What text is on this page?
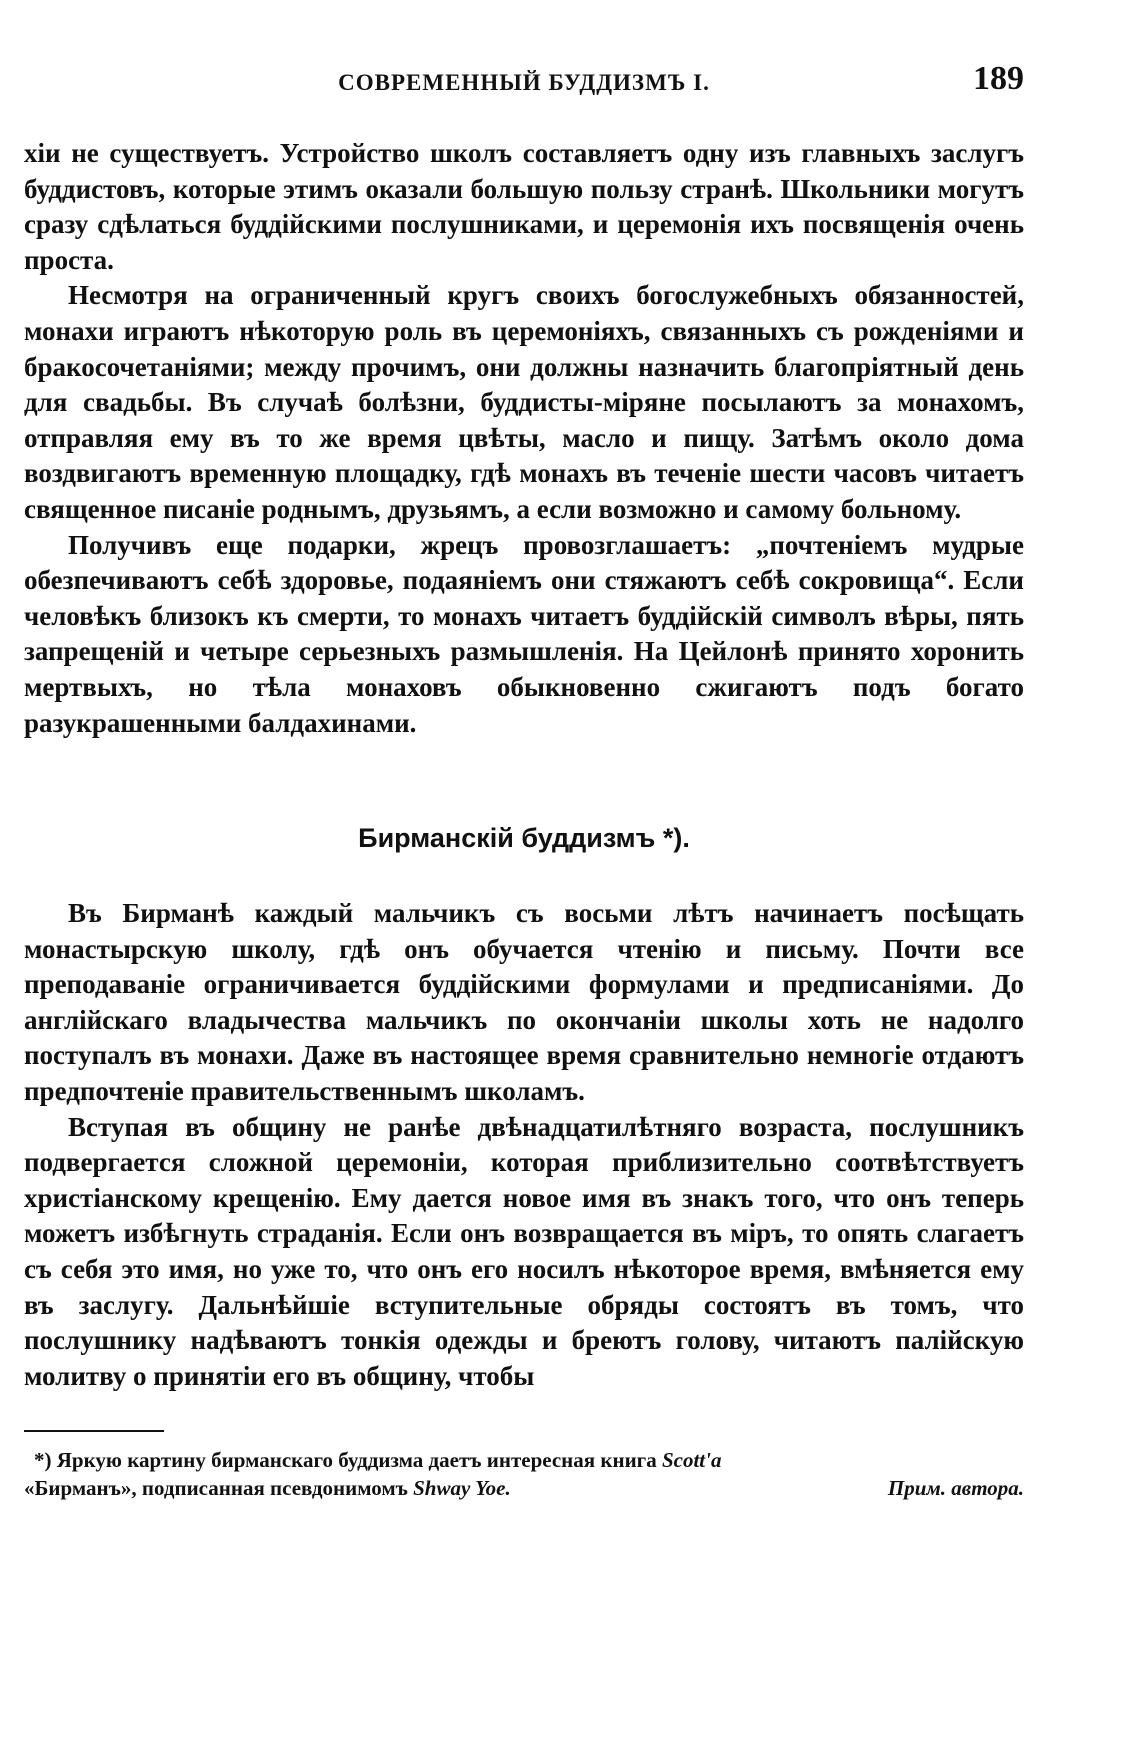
СОВРЕМЕННЫЙ БУДДИЗМЪ І.	189

хіи не существуетъ. Устройство школъ составляетъ одну изъ главныхъ заслугъ буддистовъ, которые этимъ оказали большую пользу странѣ. Школьники могутъ сразу сдѣлаться буддійскими послушниками, и церемонія ихъ посвященія очень проста.

Несмотря на ограниченный кругъ своихъ богослужебныхъ обязанностей, монахи играютъ нѣкоторую роль въ церемоніяхъ, связанныхъ съ рожденіями и бракосочетаніями; между прочимъ, они должны назначить благопріятный день для свадьбы. Въ случаѣ болѣзни, буддисты-міряне посылаютъ за монахомъ, отправляя ему въ то же время цвѣты, масло и пищу. Затѣмъ около дома воздвигаютъ временную площадку, гдѣ монахъ въ теченіе шести часовъ читаетъ священное писаніе роднымъ, друзьямъ, а если возможно и самому больному.

Получивъ еще подарки, жрецъ провозглашаетъ: „почтеніемъ мудрые обезпечиваютъ себѣ здоровье, подаяніемъ они стяжаютъ себѣ сокровища“. Если человѣкъ близокъ къ смерти, то монахъ читаетъ буддійскій символъ вѣры, пять запрещеній и четыре серьезныхъ размышленія. На Цейлонѣ принято хоронить мертвыхъ, но тѣла монаховъ обыкновенно сжигаютъ подъ богато разукрашенными балдахинами.

Бирманскій буддизмъ *).

Въ Бирманѣ каждый мальчикъ съ восьми лѣтъ начинаетъ посѣщать монастырскую школу, гдѣ онъ обучается чтенію и письму. Почти все преподаваніе ограничивается буддійскими формулами и предписаніями. До англійскаго владычества мальчикъ по окончаніи школы хоть не надолго поступалъ въ монахи. Даже въ настоящее время сравнительно немногіе отдаютъ предпочтеніе правительственнымъ школамъ.

Вступая въ общину не ранѣе двѣнадцатилѣтняго возраста, послушникъ подвергается сложной церемоніи, которая приблизительно соотвѣтствуетъ христіанскому крещенію. Ему дается новое имя въ знакъ того, что онъ теперь можетъ избѣгнуть страданія. Если онъ возвращается въ міръ, то опять слагаетъ съ себя это имя, но уже то, что онъ его носилъ нѣкоторое время, вмѣняется ему въ заслугу. Дальнѣйшіе вступительные обряды состоятъ въ томъ, что послушнику надѣваютъ тонкія одежды и бреютъ голову, читаютъ палійскую молитву о принятіи его въ общину, чтобы

*) Яркую картину бирманскаго буддизма даетъ интересная книга Scott'а
«Бирманъ», подписанная псевдонимомъ Shway Yoe.	Прим. автора.
